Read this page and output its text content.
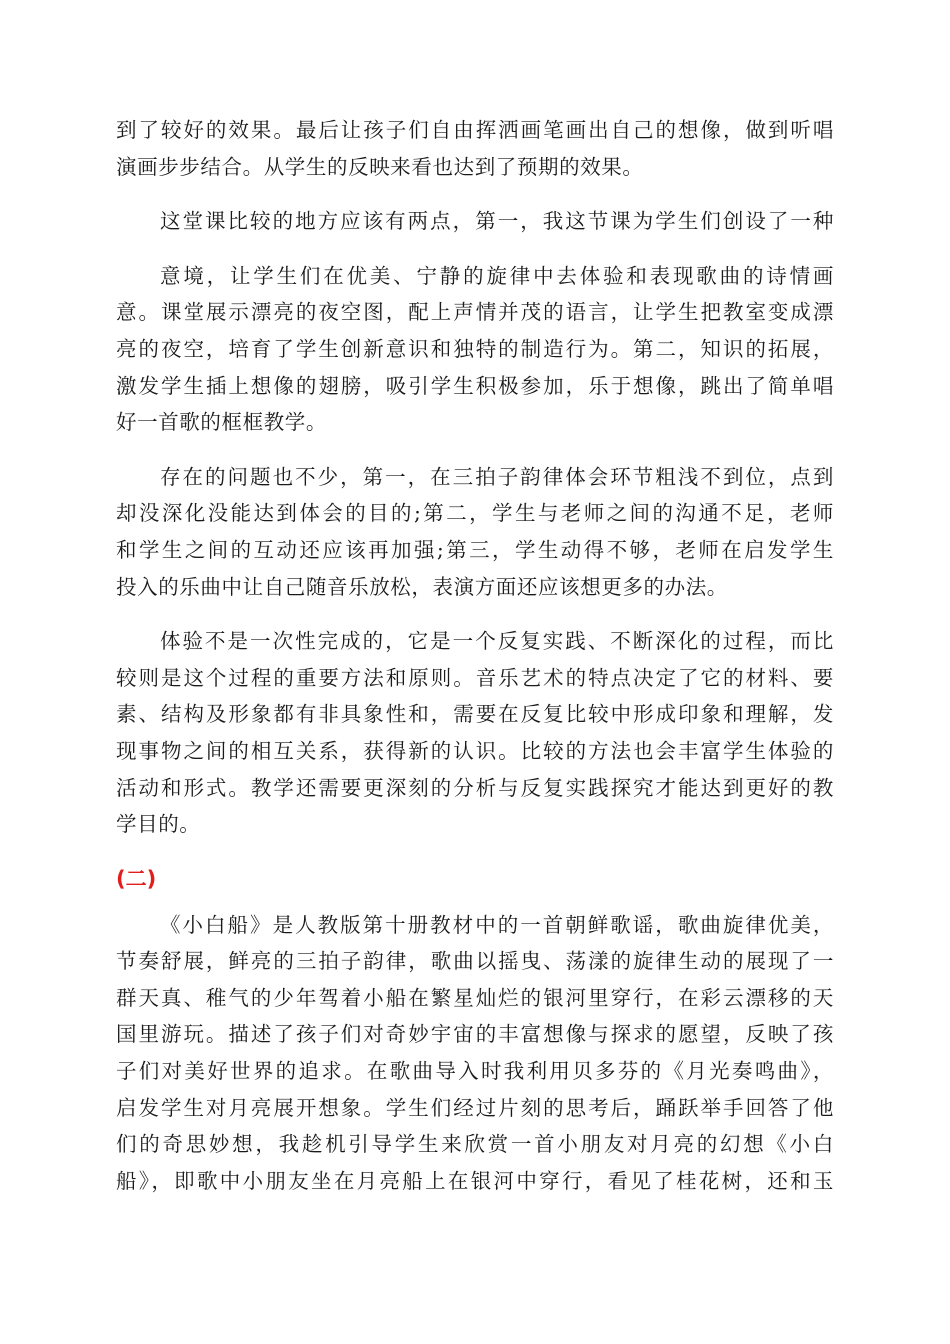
到了较好的效果。最后让孩子们自由挥洒画笔画出自己的想像，做到听唱
演画步步结合。从学生的反映来看也达到了预期的效果。
这堂课比较的地方应该有两点，第一，我这节课为学生们创设了一种
意境，让学生们在优美、宁静的旋律中去体验和表现歌曲的诗情画
意。课堂展示漂亮的夜空图，配上声情并茂的语言，让学生把教室变成漂
亮的夜空，培育了学生创新意识和独特的制造行为。第二，知识的拓展，
激发学生插上想像的翅膀，吸引学生积极参加，乐于想像，跳出了简单唱
好一首歌的框框教学。
存在的问题也不少，第一，在三拍子韵律体会环节粗浅不到位，点到
却没深化没能达到体会的目的;第二，学生与老师之间的沟通不足，老师
和学生之间的互动还应该再加强;第三，学生动得不够，老师在启发学生
投入的乐曲中让自己随音乐放松，表演方面还应该想更多的办法。
体验不是一次性完成的，它是一个反复实践、不断深化的过程，而比
较则是这个过程的重要方法和原则。音乐艺术的特点决定了它的材料、要
素、结构及形象都有非具象性和，需要在反复比较中形成印象和理解，发
现事物之间的相互关系，获得新的认识。比较的方法也会丰富学生体验的
活动和形式。教学还需要更深刻的分析与反复实践探究才能达到更好的教
学目的。
(二)
《小白船》是人教版第十册教材中的一首朝鲜歌谣，歌曲旋律优美，
节奏舒展，鲜亮的三拍子韵律，歌曲以摇曳、荡漾的旋律生动的展现了一
群天真、稚气的少年驾着小船在繁星灿烂的银河里穿行，在彩云漂移的天
国里游玩。描述了孩子们对奇妙宇宙的丰富想像与探求的愿望，反映了孩
子们对美好世界的追求。在歌曲导入时我利用贝多芬的《月光奏鸣曲》，
启发学生对月亮展开想象。学生们经过片刻的思考后，踊跃举手回答了他
们的奇思妙想，我趁机引导学生来欣赏一首小朋友对月亮的幻想《小白
船》，即歌中小朋友坐在月亮船上在银河中穿行，看见了桂花树，还和玉
